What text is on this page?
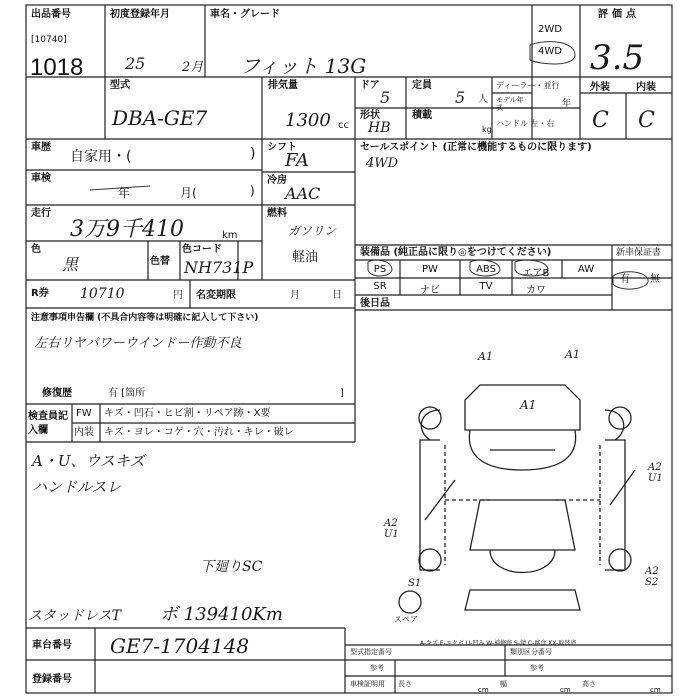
出品番号
[10740]
1018
初度登録年月
25	2月
車名・グレード
フィット 13G
2WD
4WD
評価点
3.5
型式
DBA-GE7
排気量
1300 cc
ドア
5
定員
5 人
形状
HB
積載
kg
ディーラー・並行
モデル年式	年
ハンドル 左・右
外装	内装
C C
車歴
自家用・(	)
車検
年	月(	)
走行
3万9千410	km
色
黒	色替
色コード
NH731P
シフト
FA
冷房
AAC
燃料
ガソリン
軽油
R券 10710	円 名変期限	月	日
セールスポイント (正常に機能するものに限ります)
4WD
装備品 (純正品に限り◎をつけてください)
PS	PW	ABS	エアB	AW
SR	ナビ	TV	カワ
新車保証書
有 無
後日品
注意事項申告欄 (不具合内容等は明確に記入して下さい)
左右リヤパワーウインドー作動不良
修復歴	有 [箇所	]
検査員記入欄
FW キズ・凹石・ヒビ割・リペア跡・X要
内装 キズ・ヨレ・コゲ・穴・汚れ・キレ・破レ
A・U、ウスキズ
ハンドルスレ
下廻りSC
スタッドレスT ボ 139410Km
A1	A1
A1
A2 U1
A2 U1
A2 S2
S1
スペア
A-キズ E-エクボ U-凹み W-補修跡 S-錆 C-腐食 XX-取替済
車台番号 GE7-1704148
登録番号
型式指定番号
参考
類別区分番号
参考
車検証明用 長さ
cm
幅
cm
高さ
cm
